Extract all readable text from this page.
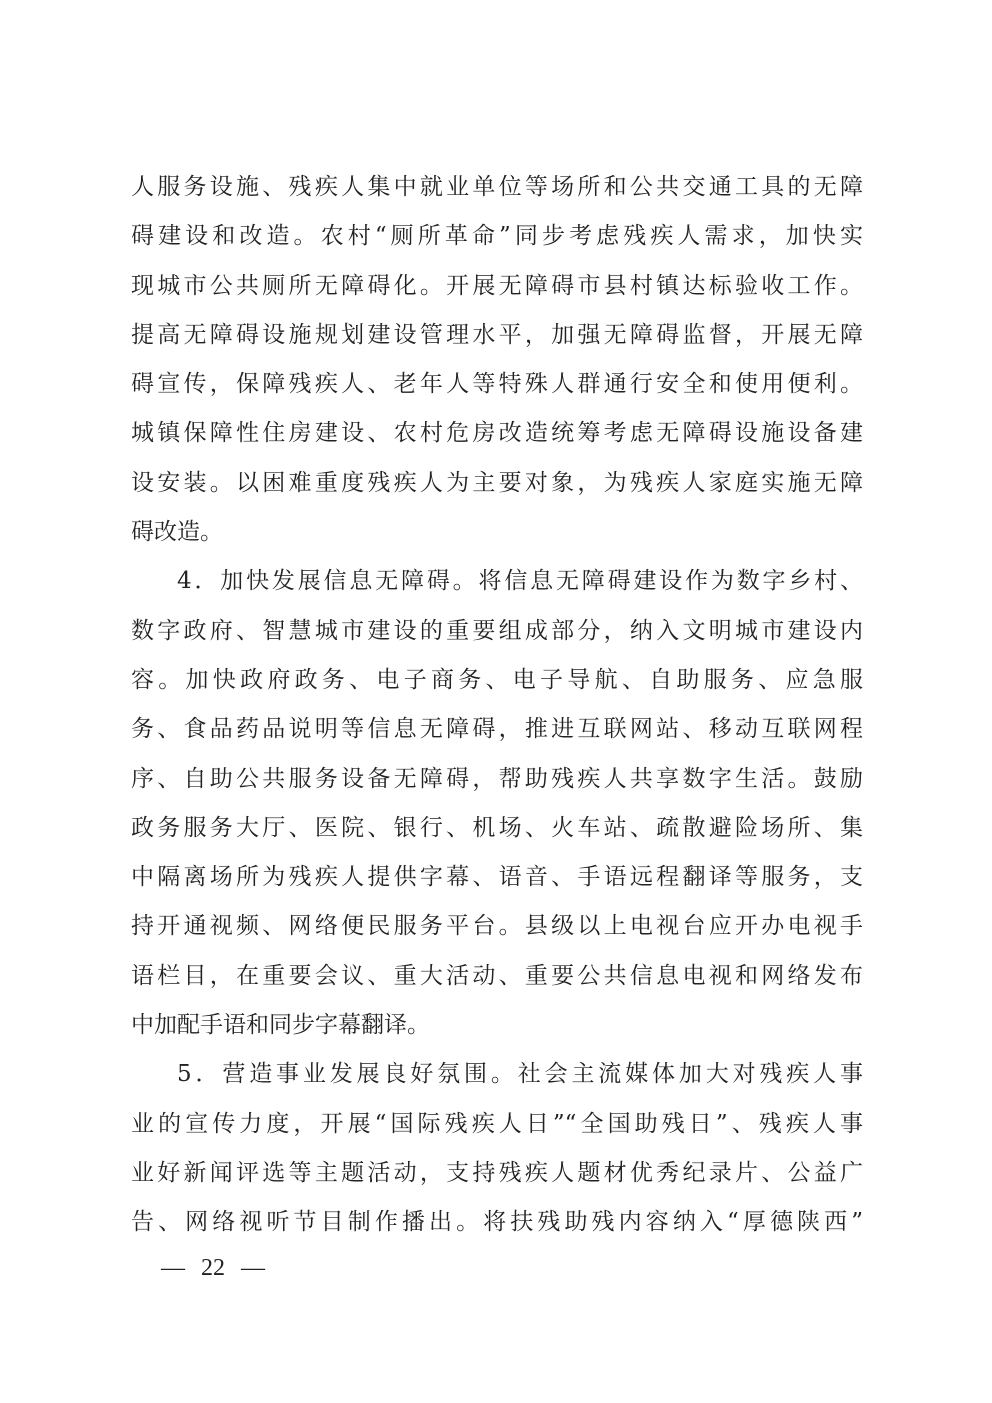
人服务设施、残疾人集中就业单位等场所和公共交通工具的无障
碍建设和改造。农村“厕所革命”同步考虑残疾人需求，加快实
现城市公共厕所无障碍化。开展无障碍市县村镇达标验收工作。
提高无障碍设施规划建设管理水平，加强无障碍监督，开展无障
碍宣传，保障残疾人、老年人等特殊人群通行安全和使用便利。
城镇保障性住房建设、农村危房改造统筹考虑无障碍设施设备建
设安装。以困难重度残疾人为主要对象，为残疾人家庭实施无障
碍改造。
4．加快发展信息无障碍。将信息无障碍建设作为数字乡村、
数字政府、智慧城市建设的重要组成部分，纳入文明城市建设内
容。加快政府政务、电子商务、电子导航、自助服务、应急服
务、食品药品说明等信息无障碍，推进互联网站、移动互联网程
序、自助公共服务设备无障碍，帮助残疾人共享数字生活。鼓励
政务服务大厅、医院、银行、机场、火车站、疏散避险场所、集
中隔离场所为残疾人提供字幕、语音、手语远程翻译等服务，支
持开通视频、网络便民服务平台。县级以上电视台应开办电视手
语栏目，在重要会议、重大活动、重要公共信息电视和网络发布
中加配手语和同步字幕翻译。
5．营造事业发展良好氛围。社会主流媒体加大对残疾人事
业的宣传力度，开展“国际残疾人日”“全国助残日”、残疾人事
业好新闻评选等主题活动，支持残疾人题材优秀纪录片、公益广
告、网络视听节目制作播出。将扶残助残内容纳入“厚德陕西”
— 22 —
